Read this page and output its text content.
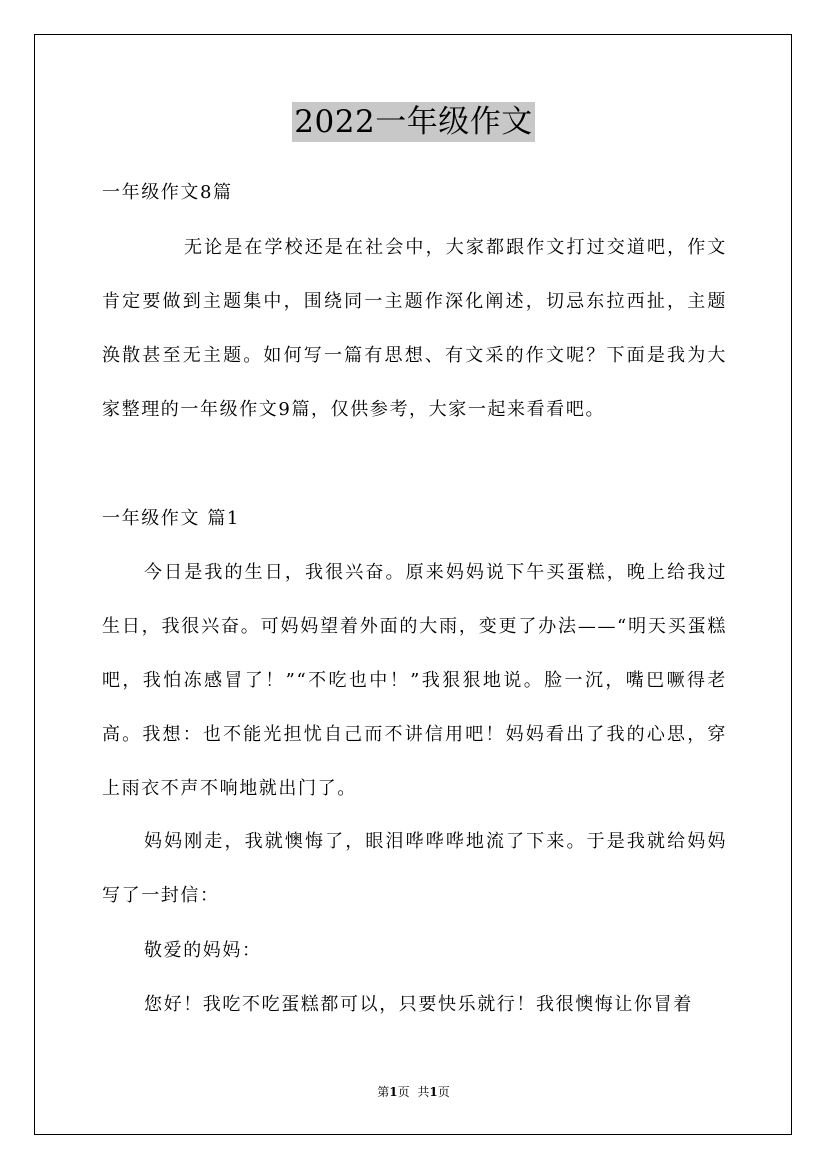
2022一年级作文
一年级作文8篇
无论是在学校还是在社会中，大家都跟作文打过交道吧，作文肯定要做到主题集中，围绕同一主题作深化阐述，切忌东拉西扯，主题涣散甚至无主题。如何写一篇有思想、有文采的作文呢？下面是我为大家整理的一年级作文9篇，仅供参考，大家一起来看看吧。
一年级作文 篇1
今日是我的生日，我很兴奋。原来妈妈说下午买蛋糕，晚上给我过生日，我很兴奋。可妈妈望着外面的大雨，变更了办法——“明天买蛋糕吧，我怕冻感冒了！”“不吃也中！”我狠狠地说。脸一沉，嘴巴噘得老高。我想：也不能光担忧自己而不讲信用吧！妈妈看出了我的心思，穿上雨衣不声不响地就出门了。
妈妈刚走，我就懊悔了，眼泪哗哗哗地流了下来。于是我就给妈妈写了一封信：
敬爱的妈妈：
您好！我吃不吃蛋糕都可以，只要快乐就行！我很懊悔让你冒着
第1页 共1页
